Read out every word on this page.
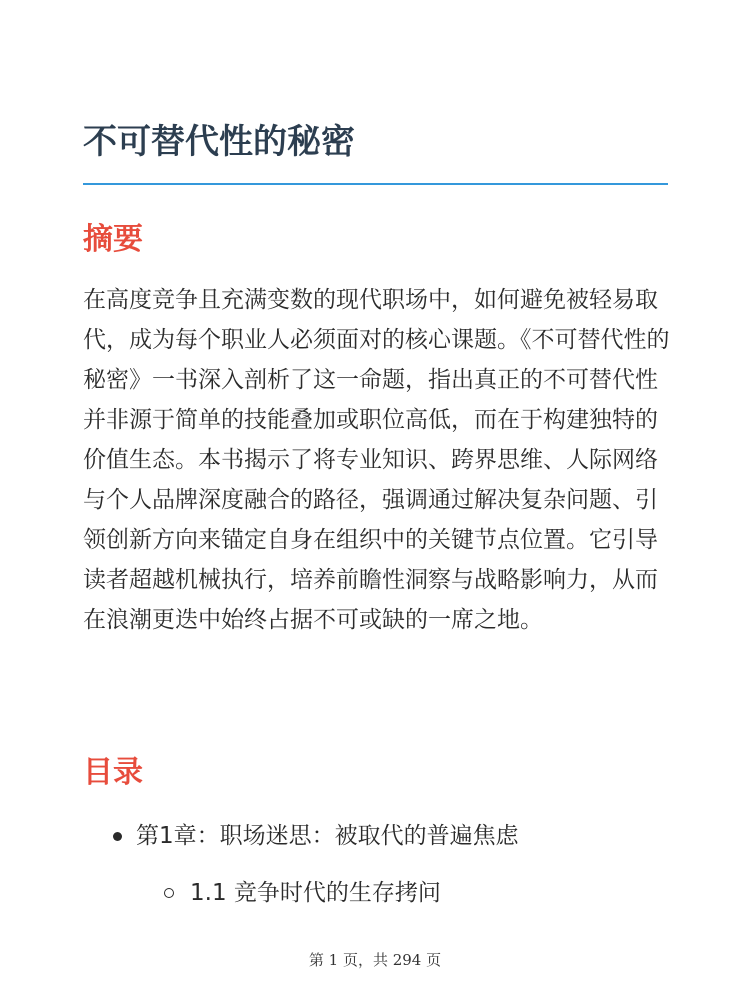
不可替代性的秘密
摘要

在高度竞争且充满变数的现代职场中，如何避免被轻易取代，成为每个职业人必须面对的核心课题。《不可替代性的秘密》一书深入剖析了这一命题，指出真正的不可替代性并非源于简单的技能叠加或职位高低，而在于构建独特的价值生态。本书揭示了将专业知识、跨界思维、人际网络与个人品牌深度融合的路径，强调通过解决复杂问题、引领创新方向来锚定自身在组织中的关键节点位置。它引导读者超越机械执行，培养前瞻性洞察与战略影响力，从而在浪潮更迭中始终占据不可或缺的一席之地。

目录
第1章：职场迷思：被取代的普遍焦虑
1.1 竞争时代的生存拷问
第 1 页，共 294 页
